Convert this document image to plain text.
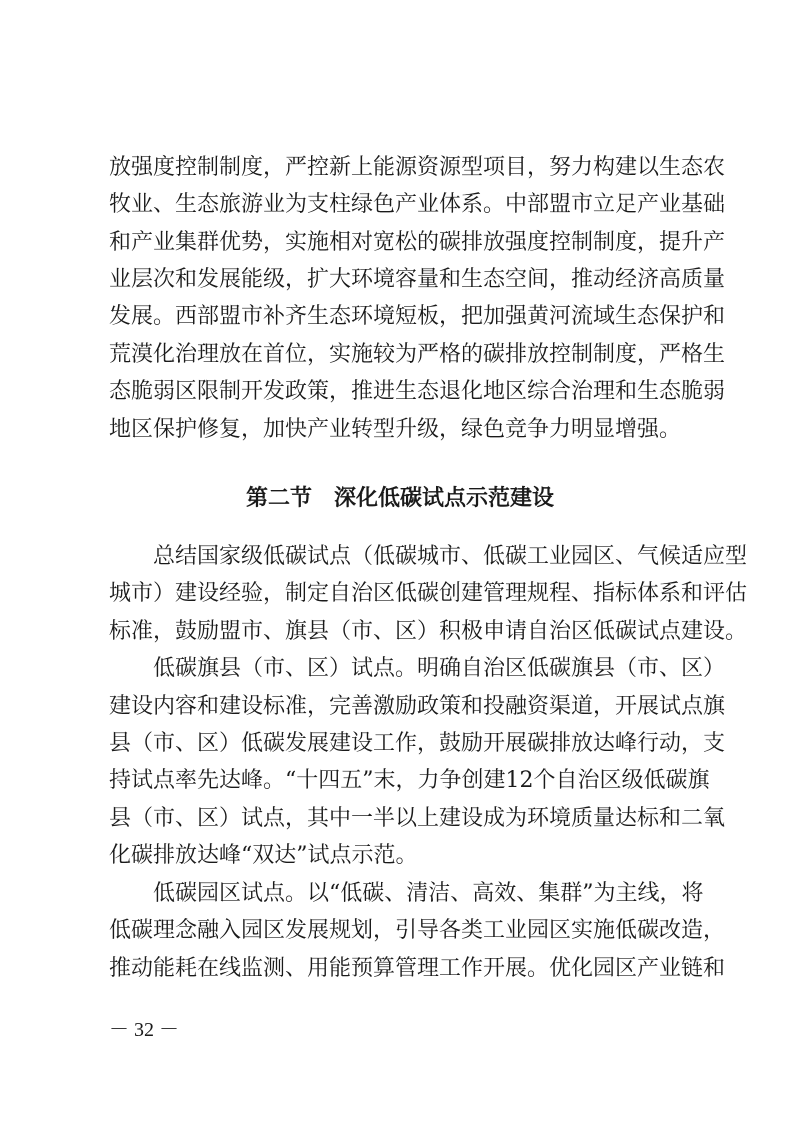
放强度控制制度，严控新上能源资源型项目，努力构建以生态农
牧业、生态旅游业为支柱绿色产业体系。中部盟市立足产业基础
和产业集群优势，实施相对宽松的碳排放强度控制制度，提升产
业层次和发展能级，扩大环境容量和生态空间，推动经济高质量
发展。西部盟市补齐生态环境短板，把加强黄河流域生态保护和
荒漠化治理放在首位，实施较为严格的碳排放控制制度，严格生
态脆弱区限制开发政策，推进生态退化地区综合治理和生态脆弱
地区保护修复，加快产业转型升级，绿色竞争力明显增强。
第二节　深化低碳试点示范建设
总结国家级低碳试点（低碳城市、低碳工业园区、气候适应型
城市）建设经验，制定自治区低碳创建管理规程、指标体系和评估
标准，鼓励盟市、旗县（市、区）积极申请自治区低碳试点建设。
低碳旗县（市、区）试点。明确自治区低碳旗县（市、区）
建设内容和建设标准，完善激励政策和投融资渠道，开展试点旗
县（市、区）低碳发展建设工作，鼓励开展碳排放达峰行动，支
持试点率先达峰。“十四五”末，力争创建12个自治区级低碳旗
县（市、区）试点，其中一半以上建设成为环境质量达标和二氧
化碳排放达峰“双达”试点示范。
低碳园区试点。以“低碳、清洁、高效、集群”为主线，将
低碳理念融入园区发展规划，引导各类工业园区实施低碳改造，
推动能耗在线监测、用能预算管理工作开展。优化园区产业链和
－ 32 －
